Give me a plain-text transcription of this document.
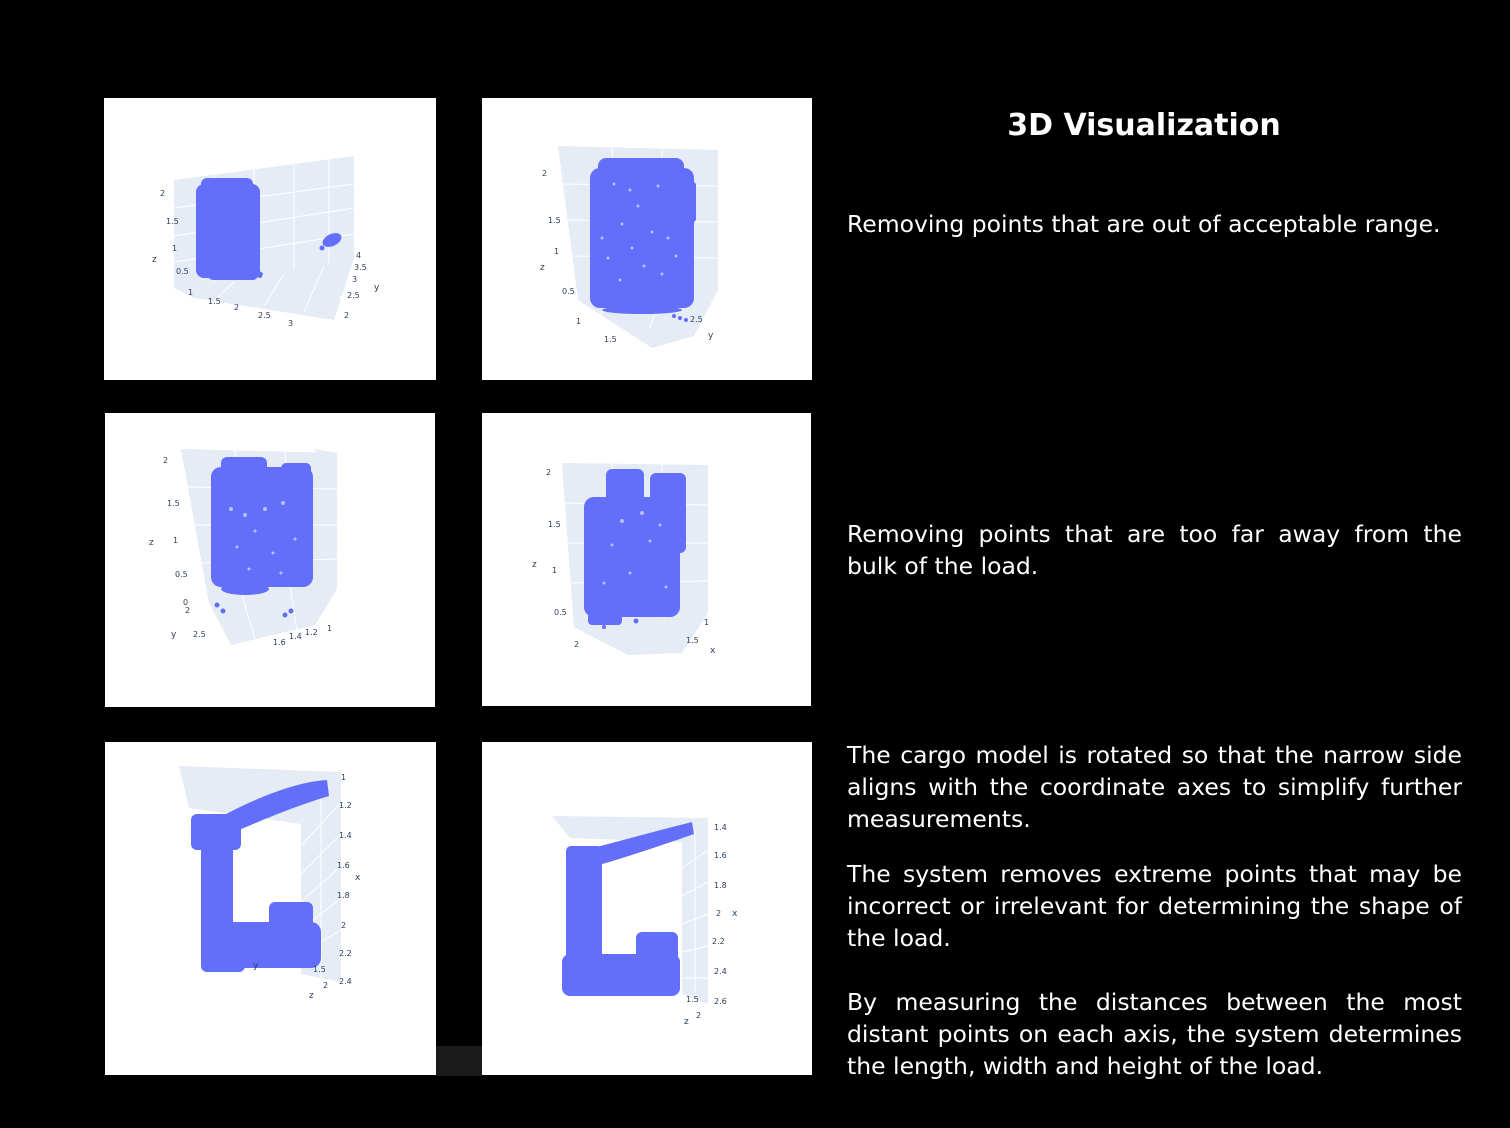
2
1.5
1
0.5
z
1
1.5
2
2.5
3
4
3.5
3
2.5
2
y
2
1.5
1
0.5
z
1
1.5
2.5
y
2
1.5
1
0.5
0
z
1
1.2
1.4
1.6
2
2.5
y
2
1.5
1
0.5
z
1
1.5
2
x
1
1.2
1.4
1.6
1.8
2
2.2
2.4
x
y	1.5
2
z
1.4
1.6
1.8
2
2.2
2.4
2.6
x
1.5
2
z
3D Visualization

Removing points that are out of acceptable range.

Removing points that are too far away from the bulk of the load.

The cargo model is rotated so that the narrow side aligns with the coordinate axes to simplify further measurements.

The system removes extreme points that may be incorrect or irrelevant for determining the shape of the load.

By measuring the distances between the most distant points on each axis, the system determines the length, width and height of the load.
